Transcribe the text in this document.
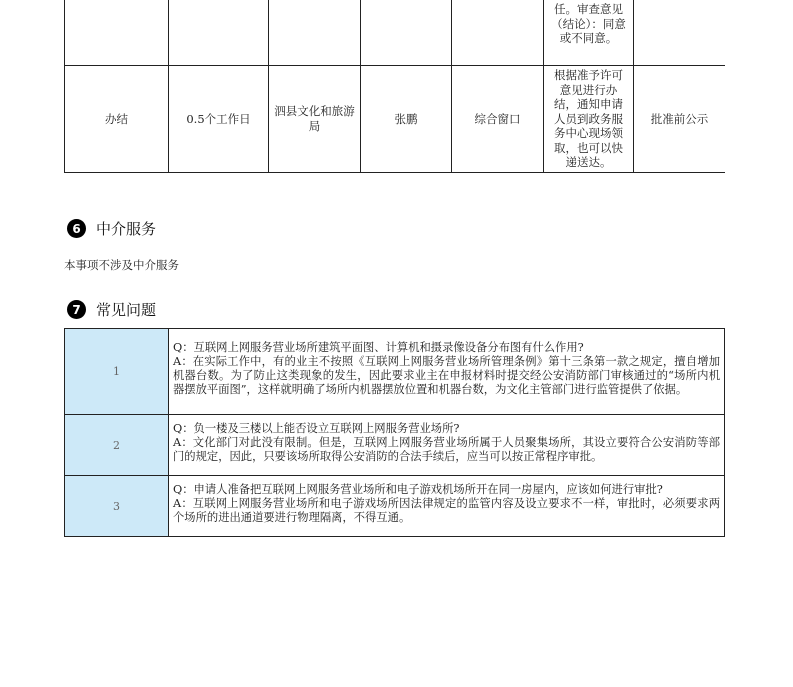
					任。审查意见（结论）：同意或不同意。	
办结	0.5个工作日	泗县文化和旅游局	张鹏	综合窗口	根据准予许可意见进行办结，通知申请人员到政务服务中心现场领取，也可以快递送达。	批准前公示
6	中介服务
本事项不涉及中介服务
7	常见问题
1	Q：互联网上网服务营业场所建筑平面图、计算机和摄录像设备分布图有什么作用?

A：在实际工作中，有的业主不按照《互联网上网服务营业场所管理条例》第十三条第一款之规定，擅自增加机器台数。为了防止这类现象的发生，因此要求业主在申报材料时提交经公安消防部门审核通过的“场所内机器摆放平面图”，这样就明确了场所内机器摆放位置和机器台数，为文化主管部门进行监管提供了依据。

2	Q：负一楼及三楼以上能否设立互联网上网服务营业场所?

A：文化部门对此没有限制。但是，互联网上网服务营业场所属于人员聚集场所，其设立要符合公安消防等部门的规定，因此，只要该场所取得公安消防的合法手续后，应当可以按正常程序审批。

3	Q：申请人准备把互联网上网服务营业场所和电子游戏机场所开在同一房屋内，应该如何进行审批?

A：互联网上网服务营业场所和电子游戏场所因法律规定的监管内容及设立要求不一样，审批时，必须要求两个场所的进出通道要进行物理隔离，不得互通。
